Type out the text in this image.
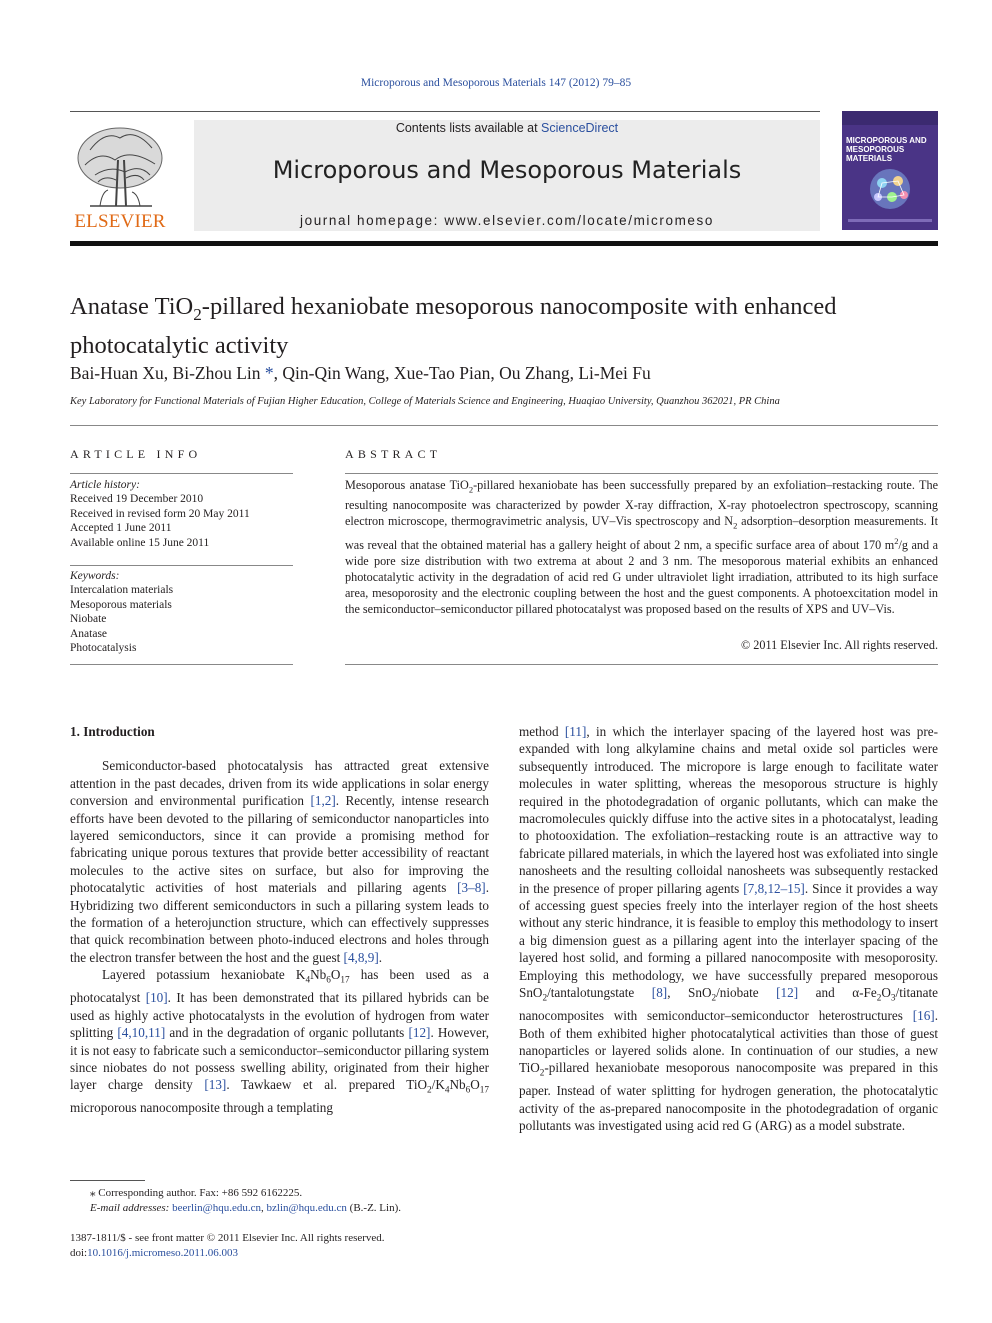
Microporous and Mesoporous Materials 147 (2012) 79–85
ELSEVIER
Contents lists available at ScienceDirect
Microporous and Mesoporous Materials
journal homepage: www.elsevier.com/locate/micromeso
MICROPOROUS AND MESOPOROUS MATERIALS
Anatase TiO$_2$-pillared hexaniobate mesoporous nanocomposite with enhanced photocatalytic activity
Bai-Huan Xu, Bi-Zhou Lin *, Qin-Qin Wang, Xue-Tao Pian, Ou Zhang, Li-Mei Fu
Key Laboratory for Functional Materials of Fujian Higher Education, College of Materials Science and Engineering, Huaqiao University, Quanzhou 362021, PR China
ARTICLE INFO	ABSTRACT
Article history:
Received 19 December 2010
Received in revised form 20 May 2011
Accepted 1 June 2011
Available online 15 June 2011
Keywords:
Intercalation materials
Mesoporous materials
Niobate
Anatase
Photocatalysis
Mesoporous anatase TiO$_2$-pillared hexaniobate has been successfully prepared by an exfoliation–restacking route. The resulting nanocomposite was characterized by powder X-ray diffraction, X-ray photoelectron spectroscopy, scanning electron microscope, thermogravimetric analysis, UV–Vis spectroscopy and $N_2$ adsorption–desorption measurements. It was reveal that the obtained material has a gallery height of about 2 nm, a specific surface area of about 170 $m^2/g$ and a wide pore size distribution with two extrema at about 2 and 3 nm. The mesoporous material exhibits an enhanced photocatalytic activity in the degradation of acid red G under ultraviolet light irradiation, attributed to its high surface area, mesoporosity and the electronic coupling between the host and the guest components. A photoexcitation model in the semiconductor–semiconductor pillared photocatalyst was proposed based on the results of XPS and UV–Vis.
© 2011 Elsevier Inc. All rights reserved.
1. Introduction

Semiconductor-based photocatalysis has attracted great extensive attention in the past decades, driven from its wide applications in solar energy conversion and environmental purification [1,2]. Recently, intense research efforts have been devoted to the pillaring of semiconductor nanoparticles into layered semiconductors, since it can provide a promising method for fabricating unique porous textures that provide better accessibility of reactant molecules to the active sites on surface, but also for improving the photocatalytic activities of host materials and pillaring agents [3–8]. Hybridizing two different semiconductors in such a pillaring system leads to the formation of a heterojunction structure, which can effectively suppresses that quick recombination between photo-induced electrons and holes through the electron transfer between the host and the guest [4,8,9].

Layered potassium hexaniobate $K_4Nb_6O_{17}$ has been used as a photocatalyst [10]. It has been demonstrated that its pillared hybrids can be used as highly active photocatalysts in the evolution of hydrogen from water splitting [4,10,11] and in the degradation of organic pollutants [12]. However, it is not easy to fabricate such a semiconductor–semiconductor pillaring system since niobates do not possess swelling ability, originated from their higher layer charge density [13]. Tawkaew et al. prepared $TiO_2/K_4Nb_6O_{17}$ microporous nanocomposite through a templating

method [11], in which the interlayer spacing of the layered host was pre-expanded with long alkylamine chains and metal oxide sol particles were subsequently introduced. The micropore is large enough to facilitate water molecules in water splitting, whereas the mesoporous structure is highly required in the photodegradation of organic pollutants, which can make the macromolecules quickly diffuse into the active sites in a photocatalyst, leading to photooxidation. The exfoliation–restacking route is an attractive way to fabricate pillared materials, in which the layered host was exfoliated into single nanosheets and the resulting colloidal nanosheets was subsequently restacked in the presence of proper pillaring agents [7,8,12–15]. Since it provides a way of accessing guest species freely into the interlayer region of the host sheets without any steric hindrance, it is feasible to employ this methodology to insert a big dimension guest as a pillaring agent into the interlayer spacing of the layered host solid, and forming a pillared nanocomposite with mesoporosity. Employing this methodology, we have successfully prepared mesoporous SnO$_2$/tantalotungstate [8], SnO$_2$/niobate [12] and $\alpha-Fe_2O_3$/titanate nanocomposites with semiconductor–semiconductor heterostructures [16]. Both of them exhibited higher photocatalytical activities than those of guest nanoparticles or layered solids alone. In continuation of our studies, a new TiO$_2$-pillared hexaniobate mesoporous nanocomposite was prepared in this paper. Instead of water splitting for hydrogen generation, the photocatalytic activity of the as-prepared nanocomposite in the photodegradation of organic pollutants was investigated using acid red G (ARG) as a model substrate.

⁎ Corresponding author. Fax: +86 592 6162225.
E-mail addresses: beerlin@hqu.edu.cn, bzlin@hqu.edu.cn (B.-Z. Lin).
1387-1811/$ - see front matter © 2011 Elsevier Inc. All rights reserved.
doi:10.1016/j.micromeso.2011.06.003
